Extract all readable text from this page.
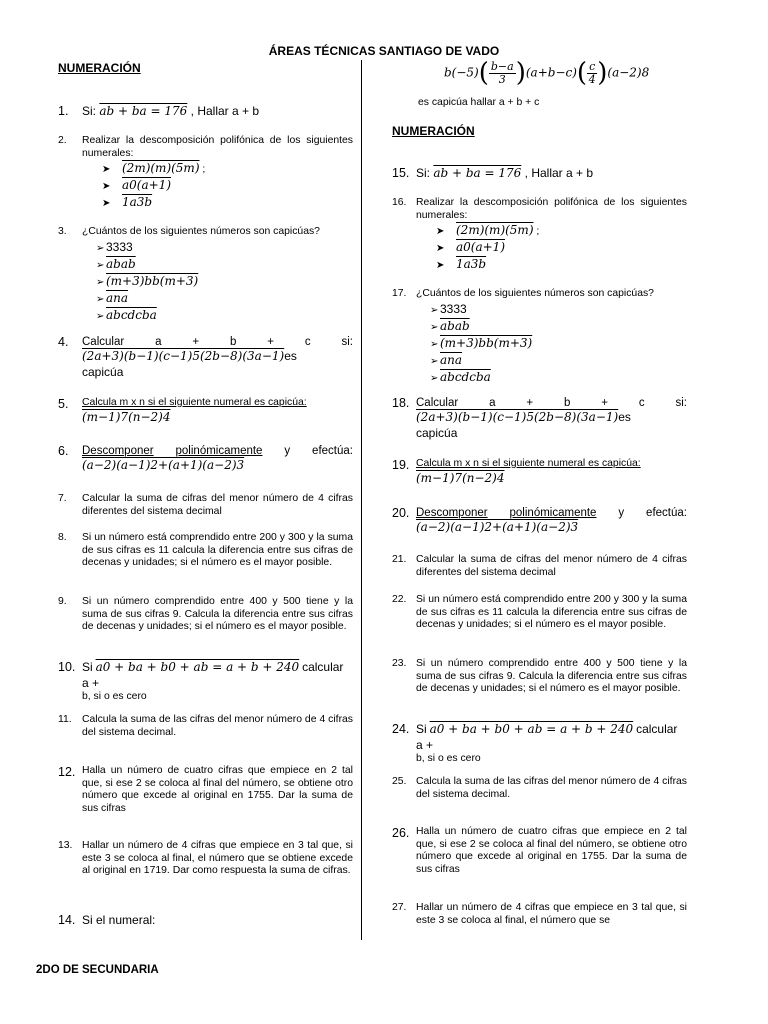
ÁREAS TÉCNICAS SANTIAGO DE VADO
2DO DE SECUNDARIA
NUMERACIÓN
1.	Si: ab + ba = 176 , Hallar a + b
2.	Realizar la descomposición polifónica de los siguientes numerales:
➤ (2m)(m)(5m) ;
➤ a0(a+1)
➤ 1a3b
3.	¿Cuántos de los siguientes números son capicúas?
➢ 3333
➢ abab
➢ (m+3)bb(m+3)
➢ $\overline{ana}$
➢ abcdcba
4.	Calcular	a	+	b	+	c	si:
(2a+3)(b−1)(c−1)5(2b−8)(3a−1)es
capicúa
5.	Calcula m x n si el siguiente numeral es capicúa:
(m−1)7(n−2)4
6.	Descomponer polinómicamente y efectúa:
(a−2)(a−1)2+(a+1)(a−2)3
7.	Calcular la suma de cifras del menor número de 4 cifras diferentes del sistema decimal
8.	Si un número está comprendido entre 200 y 300 y la suma de sus cifras es 11 calcula la diferencia entre sus cifras de decenas y unidades; si el número es el mayor posible.
9.	Si un número comprendido entre 400 y 500 tiene y la suma de sus cifras 9. Calcula la diferencia entre sus cifras de decenas y unidades; si el número es el mayor posible.
10. Si a0 + ba + b0 + ab = a + b + 240 calcular a +
b, si o es cero
11. Calcula la suma de las cifras del menor número de 4 cifras del sistema decimal.
12. Halla un número de cuatro cifras que empiece en 2 tal que, si ese 2 se coloca al final del número, se obtiene otro número que excede al original en 1755. Dar la suma de sus cifras
13. Hallar un número de 4 cifras que empiece en 3 tal que, si este 3 se coloca al final, el número que se obtiene excede al original en 1719. Dar como respuesta la suma de cifras.
14. Si el numeral:
$b(-5)( \frac{b-a}{3} )(a+b-c)( \frac{c}{4} )(a-2)8$
es capicúa hallar a + b + c
NUMERACIÓN
15. Si: ab + ba = 176 , Hallar a + b
16. Realizar la descomposición polifónica de los siguientes numerales:
➤ (2m)(m)(5m) ;
➤ a0(a+1)
➤ 1a3b
17. ¿Cuántos de los siguientes números son capicúas?
➢ 3333
➢ abab
➢ (m+3)bb(m+3)
➢ $\overline{ana}$
➢ abcdcba
18. Calcular	a	+	b	+	c	si:
(2a+3)(b−1)(c−1)5(2b−8)(3a−1)es
capicúa
19. Calcula m x n si el siguiente numeral es capicúa:
(m−1)7(n−2)4
20. Descomponer polinómicamente y efectúa:
(a−2)(a−1)2+(a+1)(a−2)3
21. Calcular la suma de cifras del menor número de 4 cifras diferentes del sistema decimal
22. Si un número está comprendido entre 200 y 300 y la suma de sus cifras es 11 calcula la diferencia entre sus cifras de decenas y unidades; si el número es el mayor posible.
23. Si un número comprendido entre 400 y 500 tiene y la suma de sus cifras 9. Calcula la diferencia entre sus cifras de decenas y unidades; si el número es el mayor posible.
24. Si a0 + ba + b0 + ab = a + b + 240 calcular a +
b, si o es cero
25. Calcula la suma de las cifras del menor número de 4 cifras del sistema decimal.
26. Halla un número de cuatro cifras que empiece en 2 tal que, si ese 2 se coloca al final del número, se obtiene otro número que excede al original en 1755. Dar la suma de sus cifras
27. Hallar un número de 4 cifras que empiece en 3 tal que, si este 3 se coloca al final, el número que se
